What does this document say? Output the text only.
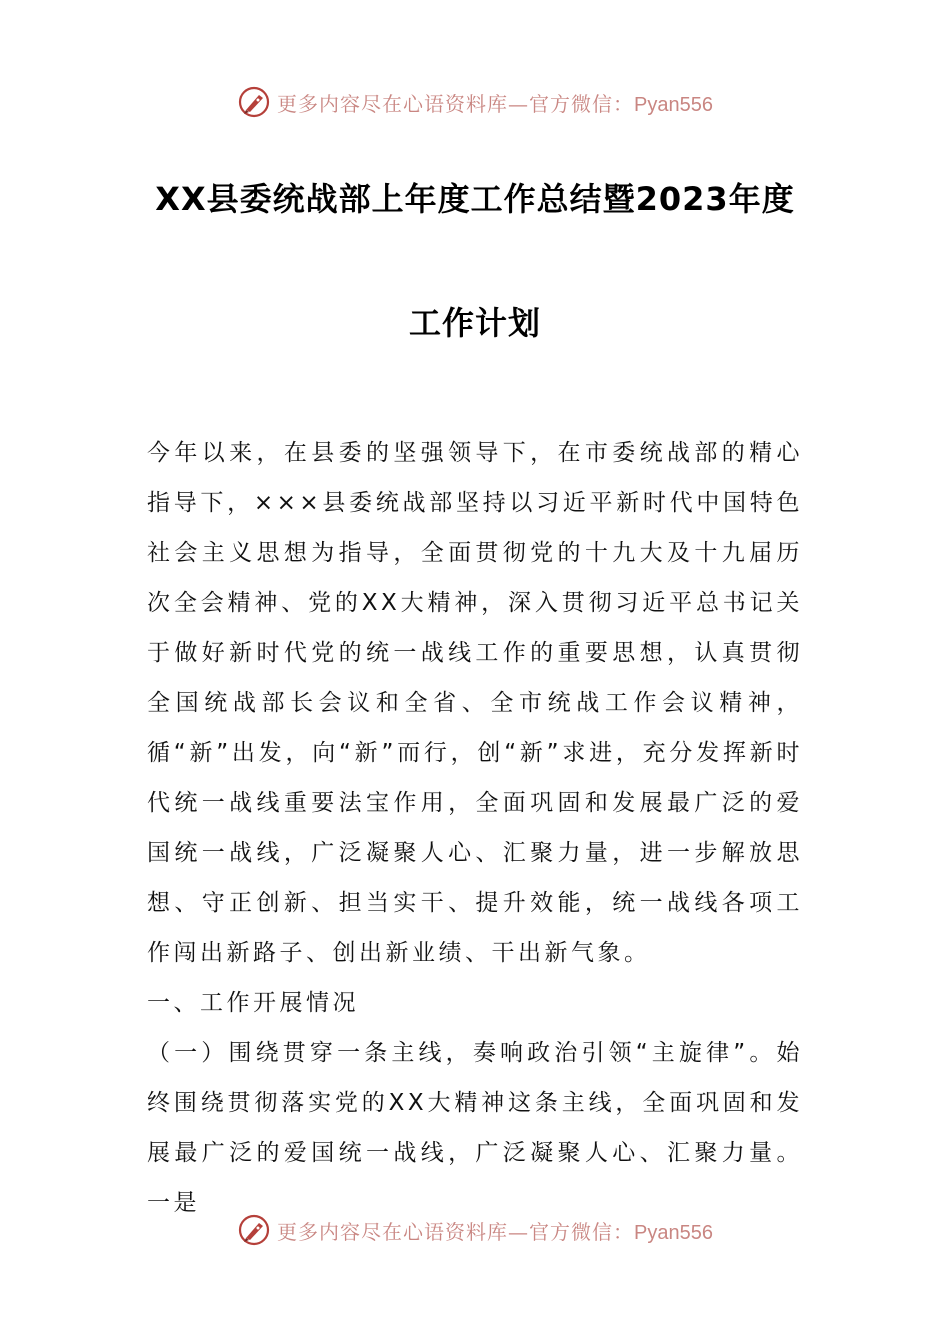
更多内容尽在心语资料库—官方微信：Pyan556
XX县委统战部上年度工作总结暨2023年度
工作计划

今年以来，在县委的坚强领导下，在市委统战部的精心指导下，×××县委统战部坚持以习近平新时代中国特色社会主义思想为指导，全面贯彻党的十九大及十九届历次全会精神、党的XX大精神，深入贯彻习近平总书记关于做好新时代党的统一战线工作的重要思想，认真贯彻全国统战部长会议和全省、全市统战工作会议精神，循“新”出发，向“新”而行，创“新”求进，充分发挥新时代统一战线重要法宝作用，全面巩固和发展最广泛的爱国统一战线，广泛凝聚人心、汇聚力量，进一步解放思想、守正创新、担当实干、提升效能，统一战线各项工作闯出新路子、创出新业绩、干出新气象。

一、工作开展情况

（一）围绕贯穿一条主线，奏响政治引领“主旋律”。始终围绕贯彻落实党的XX大精神这条主线，全面巩固和发展最广泛的爱国统一战线，广泛凝聚人心、汇聚力量。一是

更多内容尽在心语资料库—官方微信：Pyan556
